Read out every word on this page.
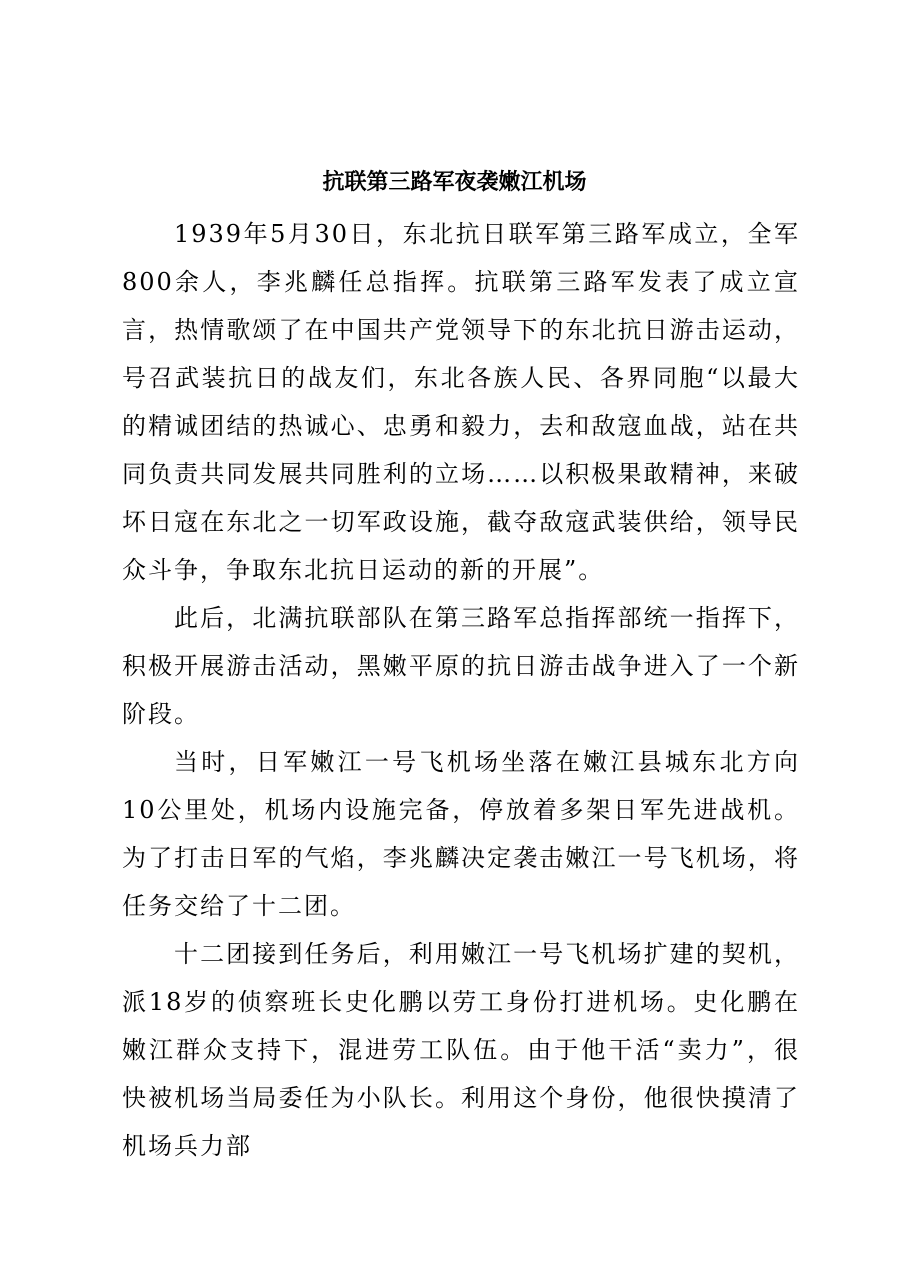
抗联第三路军夜袭嫩江机场

1939年5月30日，东北抗日联军第三路军成立，全军800余人，李兆麟任总指挥。抗联第三路军发表了成立宣言，热情歌颂了在中国共产党领导下的东北抗日游击运动，号召武装抗日的战友们，东北各族人民、各界同胞“以最大的精诚团结的热诚心、忠勇和毅力，去和敌寇血战，站在共同负责共同发展共同胜利的立场……以积极果敢精神，来破坏日寇在东北之一切军政设施，截夺敌寇武装供给，领导民众斗争，争取东北抗日运动的新的开展”。

此后，北满抗联部队在第三路军总指挥部统一指挥下，积极开展游击活动，黑嫩平原的抗日游击战争进入了一个新阶段。

当时，日军嫩江一号飞机场坐落在嫩江县城东北方向10公里处，机场内设施完备，停放着多架日军先进战机。为了打击日军的气焰，李兆麟决定袭击嫩江一号飞机场，将任务交给了十二团。

十二团接到任务后，利用嫩江一号飞机场扩建的契机，派18岁的侦察班长史化鹏以劳工身份打进机场。史化鹏在嫩江群众支持下，混进劳工队伍。由于他干活“卖力”，很快被机场当局委任为小队长。利用这个身份，他很快摸清了机场兵力部
